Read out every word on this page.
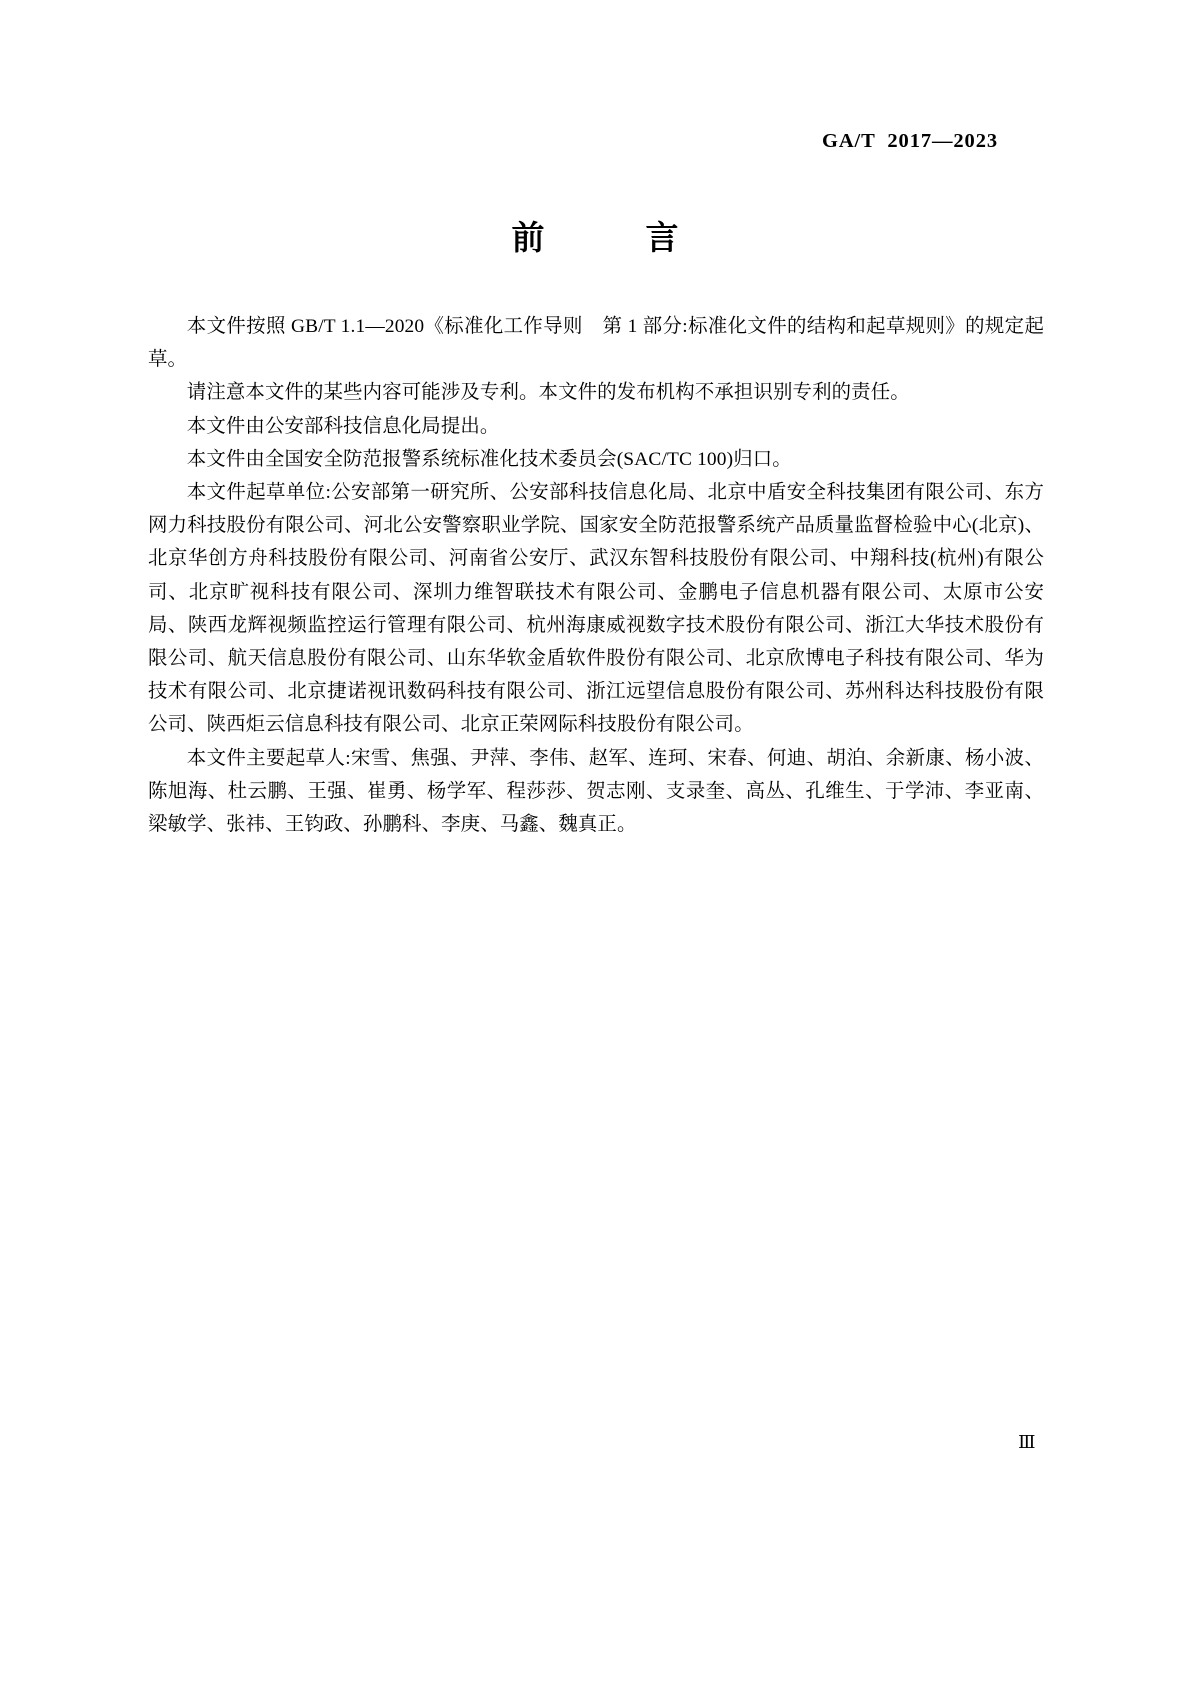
GA/T  2017—2023
前        言

本文件按照 GB/T 1.1—2020《标准化工作导则　第 1 部分:标准化文件的结构和起草规则》的规定起草。

请注意本文件的某些内容可能涉及专利。本文件的发布机构不承担识别专利的责任。

本文件由公安部科技信息化局提出。

本文件由全国安全防范报警系统标准化技术委员会(SAC/TC 100)归口。

本文件起草单位:公安部第一研究所、公安部科技信息化局、北京中盾安全科技集团有限公司、东方网力科技股份有限公司、河北公安警察职业学院、国家安全防范报警系统产品质量监督检验中心(北京)、北京华创方舟科技股份有限公司、河南省公安厅、武汉东智科技股份有限公司、中翔科技(杭州)有限公司、北京旷视科技有限公司、深圳力维智联技术有限公司、金鹏电子信息机器有限公司、太原市公安局、陕西龙辉视频监控运行管理有限公司、杭州海康威视数字技术股份有限公司、浙江大华技术股份有限公司、航天信息股份有限公司、山东华软金盾软件股份有限公司、北京欣博电子科技有限公司、华为技术有限公司、北京捷诺视讯数码科技有限公司、浙江远望信息股份有限公司、苏州科达科技股份有限公司、陕西炬云信息科技有限公司、北京正荣网际科技股份有限公司。

本文件主要起草人:宋雪、焦强、尹萍、李伟、赵军、连珂、宋春、何迪、胡泊、余新康、杨小波、陈旭海、杜云鹏、王强、崔勇、杨学军、程莎莎、贺志刚、支录奎、高丛、孔维生、于学沛、李亚南、梁敏学、张祎、王钧政、孙鹏科、李庚、马鑫、魏真正。

Ⅲ
